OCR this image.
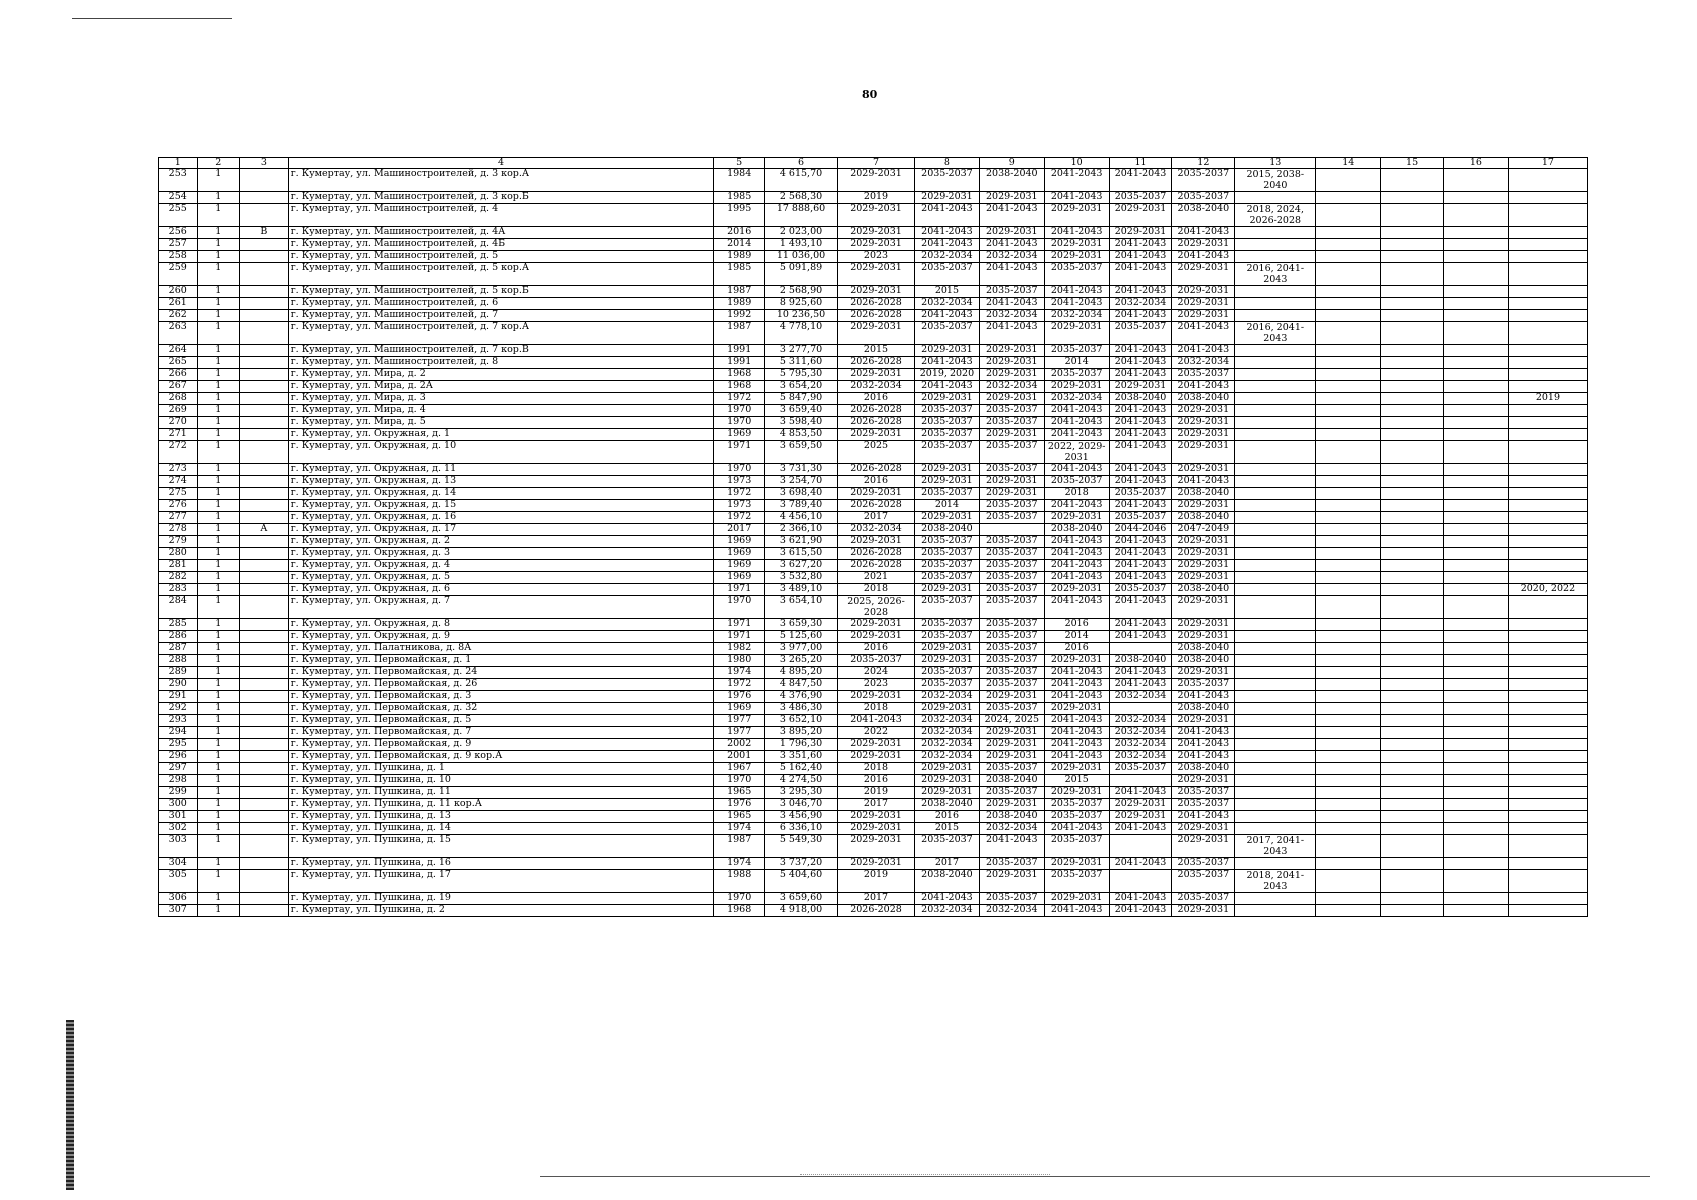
80
1	2	3	4	5	6	7	8	9	10	11	12	13	14	15	16	17
253	1		г. Кумертау, ул. Машиностроителей, д. 3 кор.А	1984	4 615,70	2029-2031	2035-2037	2038-2040	2041-2043	2041-2043	2035-2037	2015, 2038-2040				
254	1		г. Кумертау, ул. Машиностроителей, д. 3 кор.Б	1985	2 568,30	2019	2029-2031	2029-2031	2041-2043	2035-2037	2035-2037					
255	1		г. Кумертау, ул. Машиностроителей, д. 4	1995	17 888,60	2029-2031	2041-2043	2041-2043	2029-2031	2029-2031	2038-2040	2018, 2024, 2026-2028				
256	1	В	г. Кумертау, ул. Машиностроителей, д. 4А	2016	2 023,00	2029-2031	2041-2043	2029-2031	2041-2043	2029-2031	2041-2043					
257	1		г. Кумертау, ул. Машиностроителей, д. 4Б	2014	1 493,10	2029-2031	2041-2043	2041-2043	2029-2031	2041-2043	2029-2031					
258	1		г. Кумертау, ул. Машиностроителей, д. 5	1989	11 036,00	2023	2032-2034	2032-2034	2029-2031	2041-2043	2041-2043					
259	1		г. Кумертау, ул. Машиностроителей, д. 5 кор.А	1985	5 091,89	2029-2031	2035-2037	2041-2043	2035-2037	2041-2043	2029-2031	2016, 2041-2043				
260	1		г. Кумертау, ул. Машиностроителей, д. 5 кор.Б	1987	2 568,90	2029-2031	2015	2035-2037	2041-2043	2041-2043	2029-2031					
261	1		г. Кумертау, ул. Машиностроителей, д. 6	1989	8 925,60	2026-2028	2032-2034	2041-2043	2041-2043	2032-2034	2029-2031					
262	1		г. Кумертау, ул. Машиностроителей, д. 7	1992	10 236,50	2026-2028	2041-2043	2032-2034	2032-2034	2041-2043	2029-2031					
263	1		г. Кумертау, ул. Машиностроителей, д. 7 кор.А	1987	4 778,10	2029-2031	2035-2037	2041-2043	2029-2031	2035-2037	2041-2043	2016, 2041-2043				
264	1		г. Кумертау, ул. Машиностроителей, д. 7 кор.В	1991	3 277,70	2015	2029-2031	2029-2031	2035-2037	2041-2043	2041-2043					
265	1		г. Кумертау, ул. Машиностроителей, д. 8	1991	5 311,60	2026-2028	2041-2043	2029-2031	2014	2041-2043	2032-2034					
266	1		г. Кумертау, ул. Мира, д. 2	1968	5 795,30	2029-2031	2019, 2020	2029-2031	2035-2037	2041-2043	2035-2037					
267	1		г. Кумертау, ул. Мира, д. 2А	1968	3 654,20	2032-2034	2041-2043	2032-2034	2029-2031	2029-2031	2041-2043					
268	1		г. Кумертау, ул. Мира, д. 3	1972	5 847,90	2016	2029-2031	2029-2031	2032-2034	2038-2040	2038-2040					2019
269	1		г. Кумертау, ул. Мира, д. 4	1970	3 659,40	2026-2028	2035-2037	2035-2037	2041-2043	2041-2043	2029-2031					
270	1		г. Кумертау, ул. Мира, д. 5	1970	3 598,40	2026-2028	2035-2037	2035-2037	2041-2043	2041-2043	2029-2031					
271	1		г. Кумертау, ул. Окружная, д. 1	1969	4 853,50	2029-2031	2035-2037	2029-2031	2041-2043	2041-2043	2029-2031					
272	1		г. Кумертау, ул. Окружная, д. 10	1971	3 659,50	2025	2035-2037	2035-2037	2022, 2029-2031	2041-2043	2029-2031					
273	1		г. Кумертау, ул. Окружная, д. 11	1970	3 731,30	2026-2028	2029-2031	2035-2037	2041-2043	2041-2043	2029-2031					
274	1		г. Кумертау, ул. Окружная, д. 13	1973	3 254,70	2016	2029-2031	2029-2031	2035-2037	2041-2043	2041-2043					
275	1		г. Кумертау, ул. Окружная, д. 14	1972	3 698,40	2029-2031	2035-2037	2029-2031	2018	2035-2037	2038-2040					
276	1		г. Кумертау, ул. Окружная, д. 15	1973	3 789,40	2026-2028	2014	2035-2037	2041-2043	2041-2043	2029-2031					
277	1		г. Кумертау, ул. Окружная, д. 16	1972	4 456,10	2017	2029-2031	2035-2037	2029-2031	2035-2037	2038-2040					
278	1	А	г. Кумертау, ул. Окружная, д. 17	2017	2 366,10	2032-2034	2038-2040		2038-2040	2044-2046	2047-2049					
279	1		г. Кумертау, ул. Окружная, д. 2	1969	3 621,90	2029-2031	2035-2037	2035-2037	2041-2043	2041-2043	2029-2031					
280	1		г. Кумертау, ул. Окружная, д. 3	1969	3 615,50	2026-2028	2035-2037	2035-2037	2041-2043	2041-2043	2029-2031					
281	1		г. Кумертау, ул. Окружная, д. 4	1969	3 627,20	2026-2028	2035-2037	2035-2037	2041-2043	2041-2043	2029-2031					
282	1		г. Кумертау, ул. Окружная, д. 5	1969	3 532,80	2021	2035-2037	2035-2037	2041-2043	2041-2043	2029-2031					
283	1		г. Кумертау, ул. Окружная, д. 6	1971	3 489,10	2018	2029-2031	2035-2037	2029-2031	2035-2037	2038-2040					2020, 2022
284	1		г. Кумертау, ул. Окружная, д. 7	1970	3 654,10	2025, 2026-2028	2035-2037	2035-2037	2041-2043	2041-2043	2029-2031					
285	1		г. Кумертау, ул. Окружная, д. 8	1971	3 659,30	2029-2031	2035-2037	2035-2037	2016	2041-2043	2029-2031					
286	1		г. Кумертау, ул. Окружная, д. 9	1971	5 125,60	2029-2031	2035-2037	2035-2037	2014	2041-2043	2029-2031					
287	1		г. Кумертау, ул. Палатникова, д. 8А	1982	3 977,00	2016	2029-2031	2035-2037	2016		2038-2040					
288	1		г. Кумертау, ул. Первомайская, д. 1	1980	3 265,20	2035-2037	2029-2031	2035-2037	2029-2031	2038-2040	2038-2040					
289	1		г. Кумертау, ул. Первомайская, д. 24	1974	4 895,20	2024	2035-2037	2035-2037	2041-2043	2041-2043	2029-2031					
290	1		г. Кумертау, ул. Первомайская, д. 26	1972	4 847,50	2023	2035-2037	2035-2037	2041-2043	2041-2043	2035-2037					
291	1		г. Кумертау, ул. Первомайская, д. 3	1976	4 376,90	2029-2031	2032-2034	2029-2031	2041-2043	2032-2034	2041-2043					
292	1		г. Кумертау, ул. Первомайская, д. 32	1969	3 486,30	2018	2029-2031	2035-2037	2029-2031		2038-2040					
293	1		г. Кумертау, ул. Первомайская, д. 5	1977	3 652,10	2041-2043	2032-2034	2024, 2025	2041-2043	2032-2034	2029-2031					
294	1		г. Кумертау, ул. Первомайская, д. 7	1977	3 895,20	2022	2032-2034	2029-2031	2041-2043	2032-2034	2041-2043					
295	1		г. Кумертау, ул. Первомайская, д. 9	2002	1 796,30	2029-2031	2032-2034	2029-2031	2041-2043	2032-2034	2041-2043					
296	1		г. Кумертау, ул. Первомайская, д. 9 кор.А	2001	3 351,60	2029-2031	2032-2034	2029-2031	2041-2043	2032-2034	2041-2043					
297	1		г. Кумертау, ул. Пушкина, д. 1	1967	5 162,40	2018	2029-2031	2035-2037	2029-2031	2035-2037	2038-2040					
298	1		г. Кумертау, ул. Пушкина, д. 10	1970	4 274,50	2016	2029-2031	2038-2040	2015		2029-2031					
299	1		г. Кумертау, ул. Пушкина, д. 11	1965	3 295,30	2019	2029-2031	2035-2037	2029-2031	2041-2043	2035-2037					
300	1		г. Кумертау, ул. Пушкина, д. 11 кор.А	1976	3 046,70	2017	2038-2040	2029-2031	2035-2037	2029-2031	2035-2037					
301	1		г. Кумертау, ул. Пушкина, д. 13	1965	3 456,90	2029-2031	2016	2038-2040	2035-2037	2029-2031	2041-2043					
302	1		г. Кумертау, ул. Пушкина, д. 14	1974	6 336,10	2029-2031	2015	2032-2034	2041-2043	2041-2043	2029-2031					
303	1		г. Кумертау, ул. Пушкина, д. 15	1987	5 549,30	2029-2031	2035-2037	2041-2043	2035-2037		2029-2031	2017, 2041-2043				
304	1		г. Кумертау, ул. Пушкина, д. 16	1974	3 737,20	2029-2031	2017	2035-2037	2029-2031	2041-2043	2035-2037					
305	1		г. Кумертау, ул. Пушкина, д. 17	1988	5 404,60	2019	2038-2040	2029-2031	2035-2037		2035-2037	2018, 2041-2043				
306	1		г. Кумертау, ул. Пушкина, д. 19	1970	3 659,60	2017	2041-2043	2035-2037	2029-2031	2041-2043	2035-2037					
307	1		г. Кумертау, ул. Пушкина, д. 2	1968	4 918,00	2026-2028	2032-2034	2032-2034	2041-2043	2041-2043	2029-2031					
